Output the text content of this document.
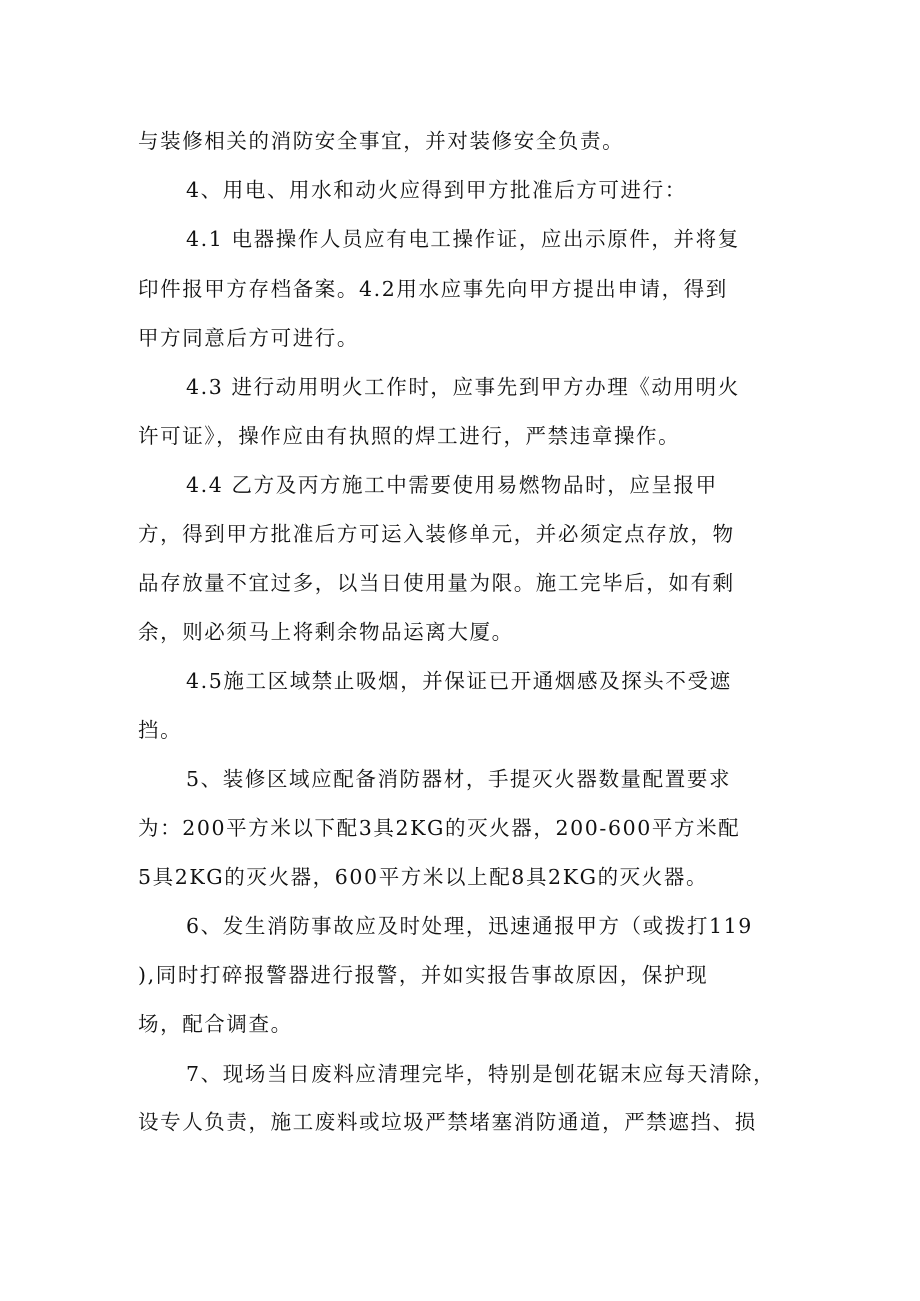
与装修相关的消防安全事宜，并对装修安全负责。
4、用电、用水和动火应得到甲方批准后方可进行：
4.1 电器操作人员应有电工操作证，应出示原件，并将复
印件报甲方存档备案。4.2用水应事先向甲方提出申请，得到
甲方同意后方可进行。
4.3 进行动用明火工作时，应事先到甲方办理《动用明火
许可证》，操作应由有执照的焊工进行，严禁违章操作。
4.4 乙方及丙方施工中需要使用易燃物品时，应呈报甲
方，得到甲方批准后方可运入装修单元，并必须定点存放，物
品存放量不宜过多，以当日使用量为限。施工完毕后，如有剩
余，则必须马上将剩余物品运离大厦。
4.5施工区域禁止吸烟，并保证已开通烟感及探头不受遮
挡。
5、装修区域应配备消防器材，手提灭火器数量配置要求
为：200平方米以下配3具2KG的灭火器，200-600平方米配
5具2KG的灭火器，600平方米以上配8具2KG的灭火器。
6、发生消防事故应及时处理，迅速通报甲方（或拨打119
),同时打碎报警器进行报警，并如实报告事故原因，保护现
场，配合调查。
7、现场当日废料应清理完毕，特别是刨花锯末应每天清除，
设专人负责，施工废料或垃圾严禁堵塞消防通道，严禁遮挡、损
